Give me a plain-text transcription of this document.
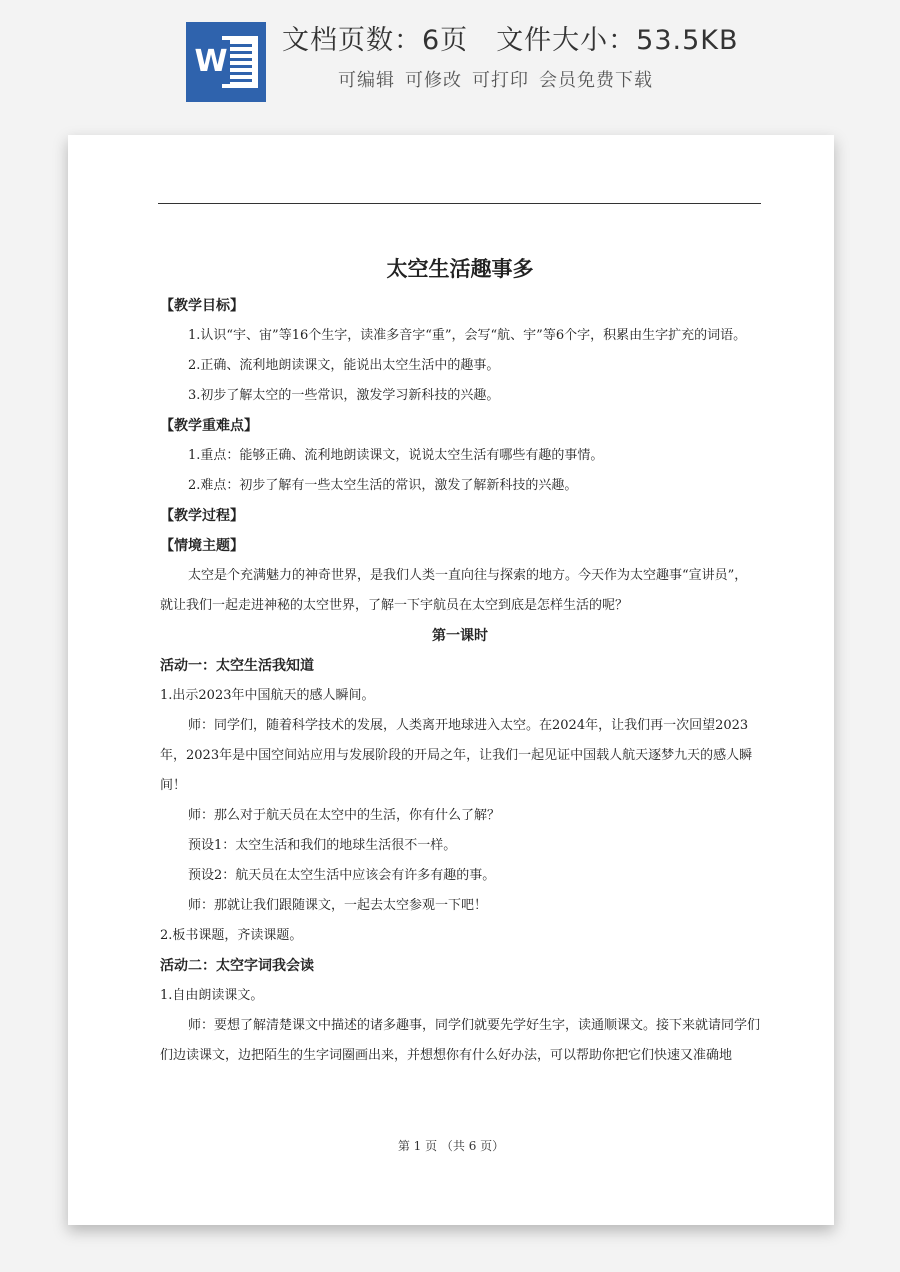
W
文档页数：6页 文件大小：53.5KB
可编辑 可修改 可打印 会员免费下载
太空生活趣事多
【教学目标】
1.认识“宇、宙”等16个生字，读准多音字“重”，会写“航、宇”等6个字，积累由生字扩充的词语。
2.正确、流利地朗读课文，能说出太空生活中的趣事。
3.初步了解太空的一些常识，激发学习新科技的兴趣。
【教学重难点】
1.重点：能够正确、流利地朗读课文，说说太空生活有哪些有趣的事情。
2.难点：初步了解有一些太空生活的常识，激发了解新科技的兴趣。
【教学过程】
【情境主题】
太空是个充满魅力的神奇世界，是我们人类一直向往与探索的地方。今天作为太空趣事“宣讲员”，就让我们一起走进神秘的太空世界，了解一下宇航员在太空到底是怎样生活的呢？
第一课时
活动一：太空生活我知道
1.出示2023年中国航天的感人瞬间。
师：同学们，随着科学技术的发展，人类离开地球进入太空。在2024年，让我们再一次回望2023年，2023年是中国空间站应用与发展阶段的开局之年，让我们一起见证中国载人航天逐梦九天的感人瞬间！
师：那么对于航天员在太空中的生活，你有什么了解？
预设1：太空生活和我们的地球生活很不一样。
预设2：航天员在太空生活中应该会有许多有趣的事。
师：那就让我们跟随课文，一起去太空参观一下吧！
2.板书课题，齐读课题。
活动二：太空字词我会读
1.自由朗读课文。
师：要想了解清楚课文中描述的诸多趣事，同学们就要先学好生字，读通顺课文。接下来就请同学们们边读课文，边把陌生的生字词圈画出来，并想想你有什么好办法，可以帮助你把它们快速又准确地
第 1 页 （共 6 页）
